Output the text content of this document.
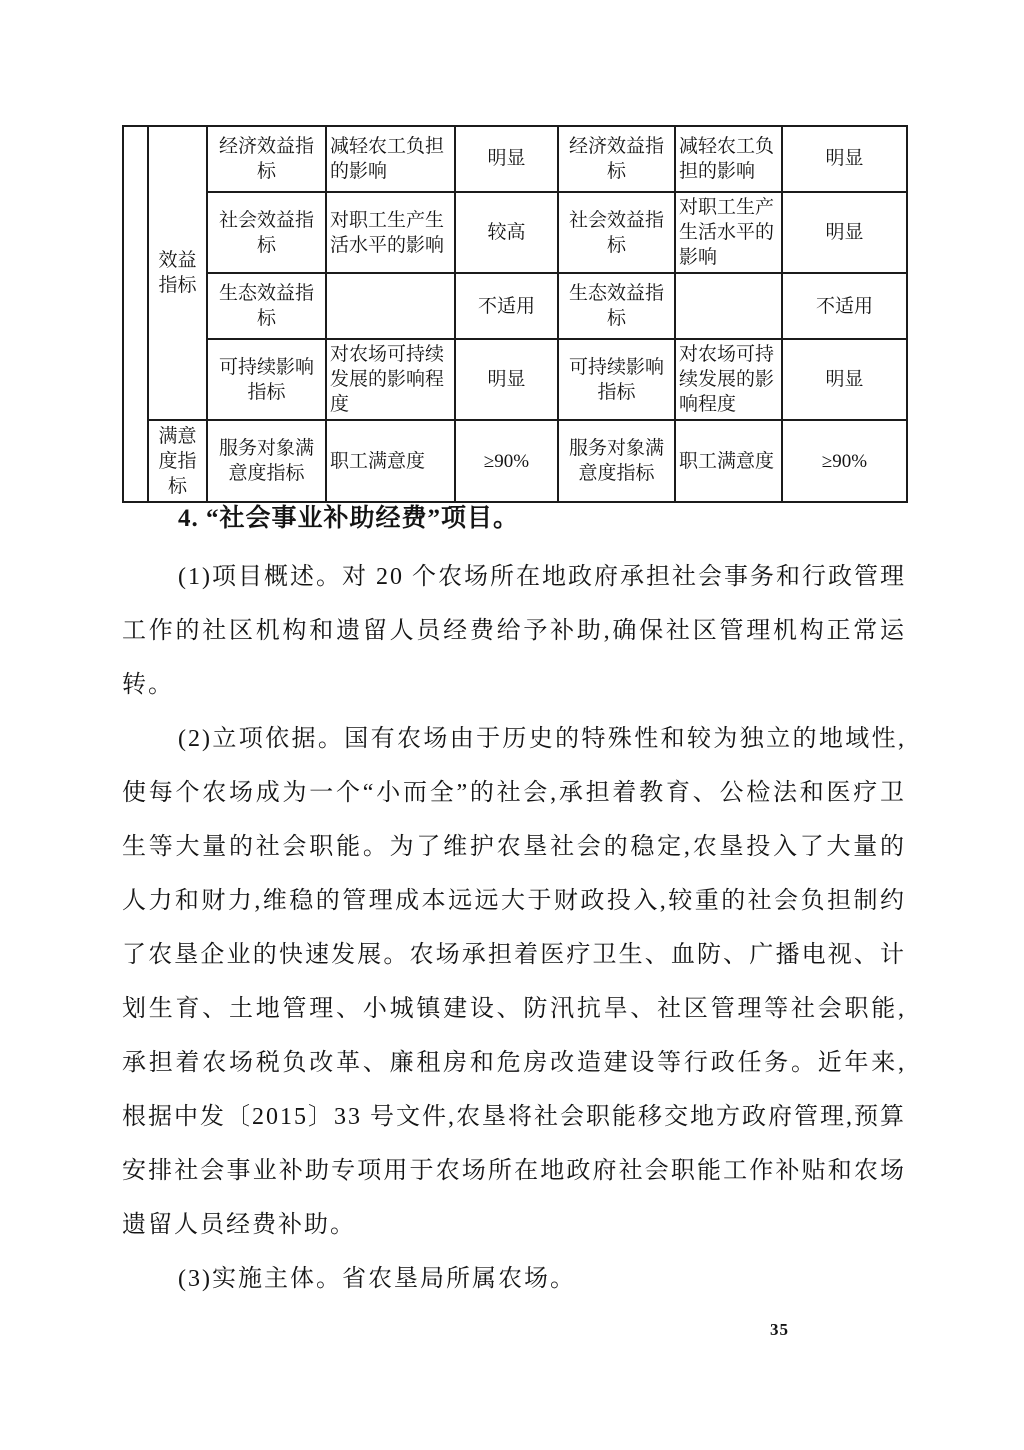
	效益指标	经济效益指标	减轻农工负担的影响	明显	经济效益指标	减轻农工负担的影响	明显
		社会效益指标	对职工生产生活水平的影响	较高	社会效益指标	对职工生产生活水平的影响	明显
		生态效益指标		不适用	生态效益指标		不适用
		可持续影响指标	对农场可持续发展的影响程度	明显	可持续影响指标	对农场可持续发展的影响程度	明显
	满意度指标	服务对象满意度指标	职工满意度	≥90%	服务对象满意度指标	职工满意度	≥90%
4. “社会事业补助经费”项目。

(1)项目概述。对 20 个农场所在地政府承担社会事务和行政管理工作的社区机构和遗留人员经费给予补助,确保社区管理机构正常运转。

(2)立项依据。国有农场由于历史的特殊性和较为独立的地域性,使每个农场成为一个“小而全”的社会,承担着教育、公检法和医疗卫生等大量的社会职能。为了维护农垦社会的稳定,农垦投入了大量的人力和财力,维稳的管理成本远远大于财政投入,较重的社会负担制约了农垦企业的快速发展。农场承担着医疗卫生、血防、广播电视、计划生育、土地管理、小城镇建设、防汛抗旱、社区管理等社会职能,承担着农场税负改革、廉租房和危房改造建设等行政任务。近年来,根据中发〔2015〕33 号文件,农垦将社会职能移交地方政府管理,预算安排社会事业补助专项用于农场所在地政府社会职能工作补贴和农场遗留人员经费补助。

(3)实施主体。省农垦局所属农场。

35
